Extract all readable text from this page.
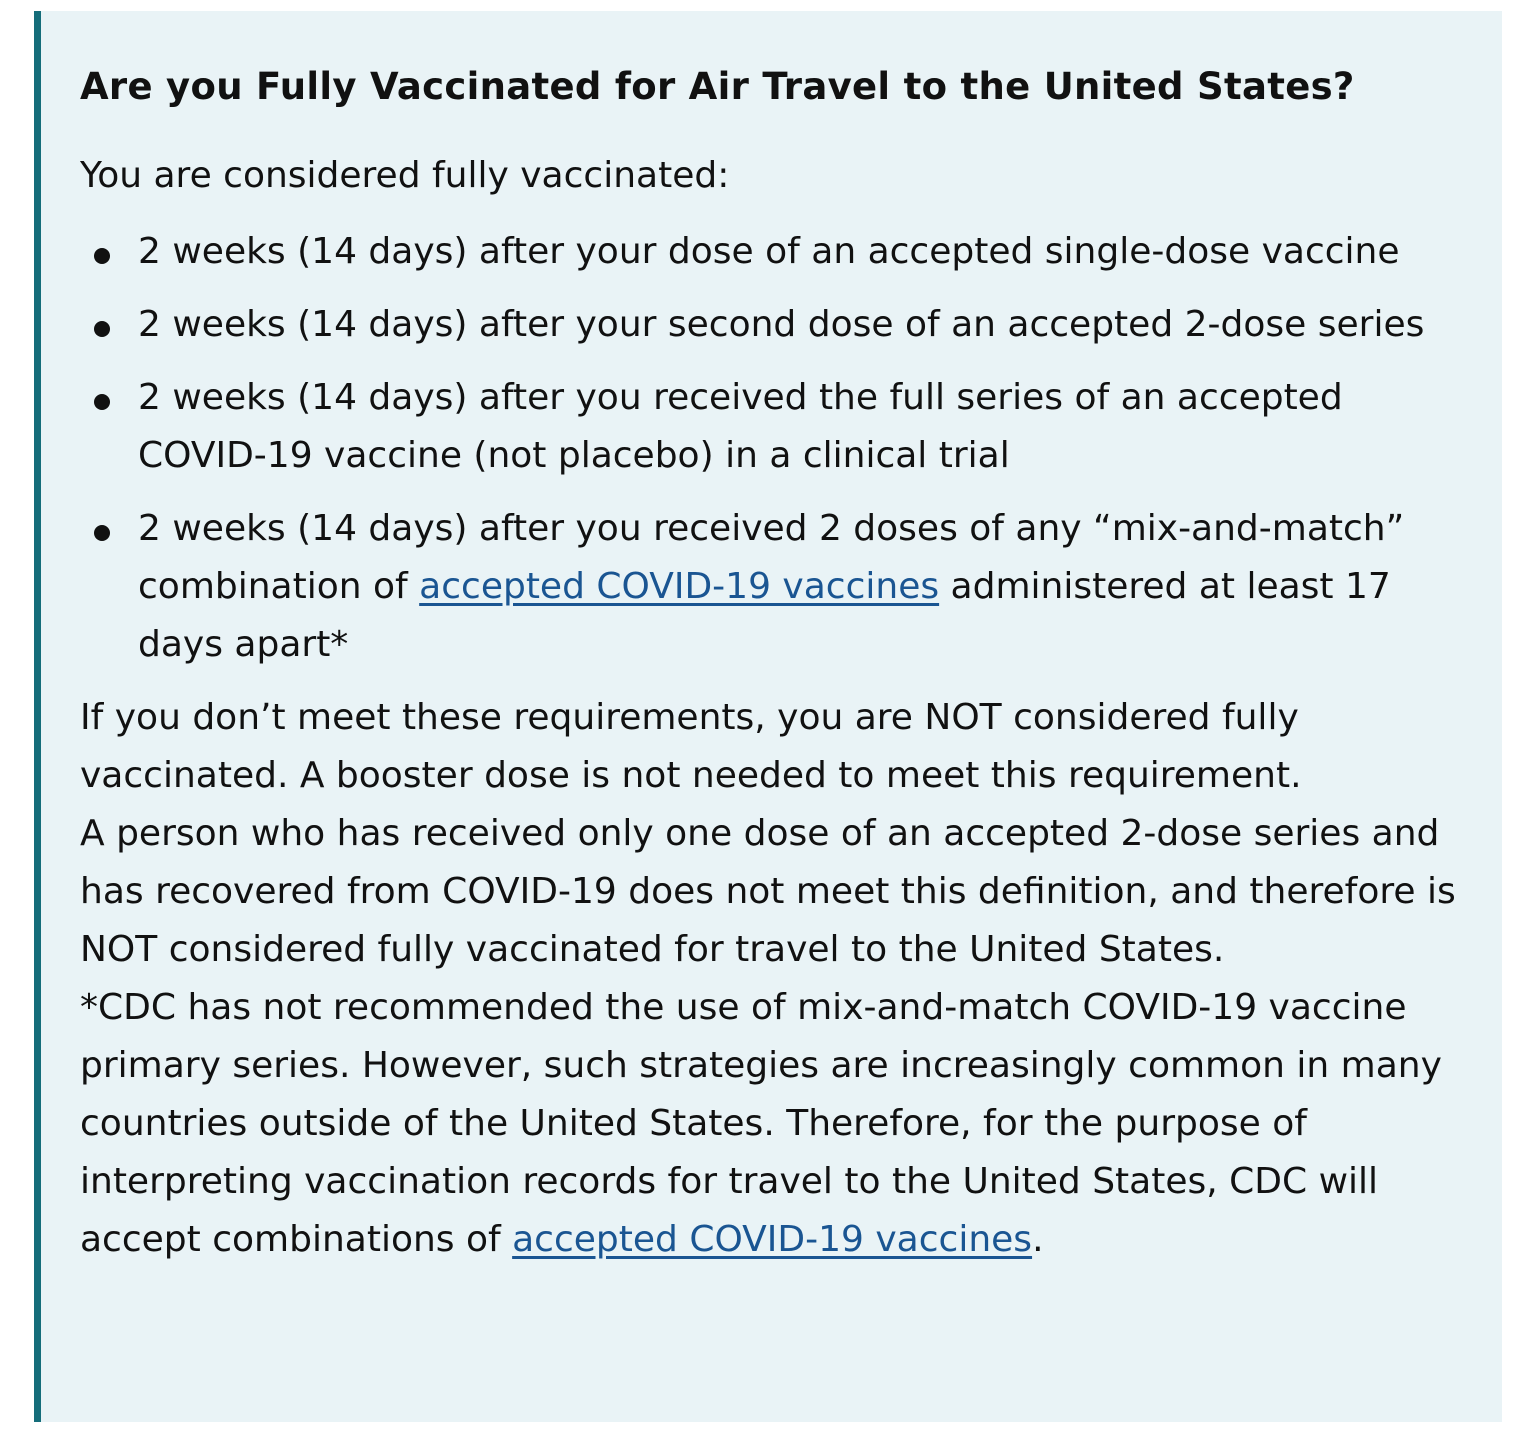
Are you Fully Vaccinated for Air Travel to the United States?

You are considered fully vaccinated:

2 weeks (14 days) after your dose of an accepted single-dose vaccine
2 weeks (14 days) after your second dose of an accepted 2-dose series
2 weeks (14 days) after you received the full series of an accepted COVID-19 vaccine (not placebo) in a clinical trial
2 weeks (14 days) after you received 2 doses of any “mix-and-match” combination of accepted COVID-19 vaccines administered at least 17 days apart*

If you don’t meet these requirements, you are NOT considered fully vaccinated. A booster dose is not needed to meet this requirement.

A person who has received only one dose of an accepted 2-dose series and has recovered from COVID-19 does not meet this definition, and therefore is NOT considered fully vaccinated for travel to the United States.

*CDC has not recommended the use of mix-and-match COVID-19 vaccine primary series. However, such strategies are increasingly common in many countries outside of the United States. Therefore, for the purpose of interpreting vaccination records for travel to the United States, CDC will accept combinations of accepted COVID-19 vaccines.
